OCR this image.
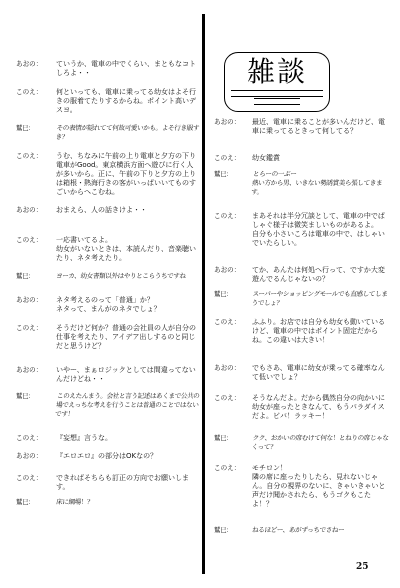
あおの： ていうか、電車の中でくらい、まともなコトしろよ・・
このえ： 何といっても、電車に乗ってる幼女はよそ行きの服着てたりするからね。ポイント高いデスヨ。
鷲巳：	その表情が隠れてて何故可愛いかも。よそ行き服すき？
このえ： うむ、ちなみに午前の上り電車と夕方の下り電車がGood。東京横浜方面へ遊びに行く人が多いから。正に、午前の下りと夕方の上りは箱根・熱海行きの客がいっぱいいてものすごいからへこむね。
あおの： おまえら、人の話きけよ・・
このえ： 一応書いてるよ。
幼女がいないときは、本読んだり、音楽聴いたり、ネタ考えたり。
鷲巳：	ヨーカ、幼女書類以外はやりとこらうちですね
あおの： ネタ考えるのって「普通」か？
ネタって、まんがのネタでしょ？
このえ： そうだけど何か？普通の会社員の人が自分の仕事を考えたり、アイデア出しするのと同じだと思うけど？
あおの： いやー、まぁロジックとしては間違ってないんだけどね・・
鷲巳：	このえたんまう。会社と言う記述はあくまで公共の場でえっちな考えを行うことは普通のことではないです！
このえ： 『妄想』言うな。
あおの： 『エロエロ』の部分はOKなの？
このえ： できればそちらも訂正の方向でお願いします。
鷲巳：	床に綱場！？
雑談
あおの：	最近、電車に乗ることが多いんだけど、電車に乗ってるときって何してる？
このえ：	幼女鑑賞
鷲巳：	とらーの一ぶー
熱い方から男、いきない勢誘賞美ら張してきます。
このえ：	まあそれは半分冗談として、電車の中でぱしゃぐ様子は微笑ましいものがあるよ。
自分も小さいころは電車の中で、はしゃいでいたらしい。
あおの：	てか、あんたは何処へ行って、ですか大変遊んでるんじゃないの？
鷲巳：	スーパーやショッピングモールでも直感してしまうでしょ？
このえ：	ふふり。お店では自分も幼女も動いているけど、電車の中ではポイント固定だからね。この違いは大きい！
あおの：	でもさあ、電車に幼女が乗ってる確率なんて低いでしょ？
このえ：	そうなんだよ。だから偶然自分の向かいに幼女が座ったときなんて、もうパラダイスだよ。ビバ！ラッキー！
鷲巳：	クク、おかいの席むけて何な！とねりの席じゃなくって？
このえ：	モチロン！
隣の席に座ったりしたら、見れないじゃん。自分の視界のないに、きゃいきゃいと声だけ聞かされたら、もうゴクもこたよ！？
鷲巳：	ねるほどー、あがずっちでさねー
25
